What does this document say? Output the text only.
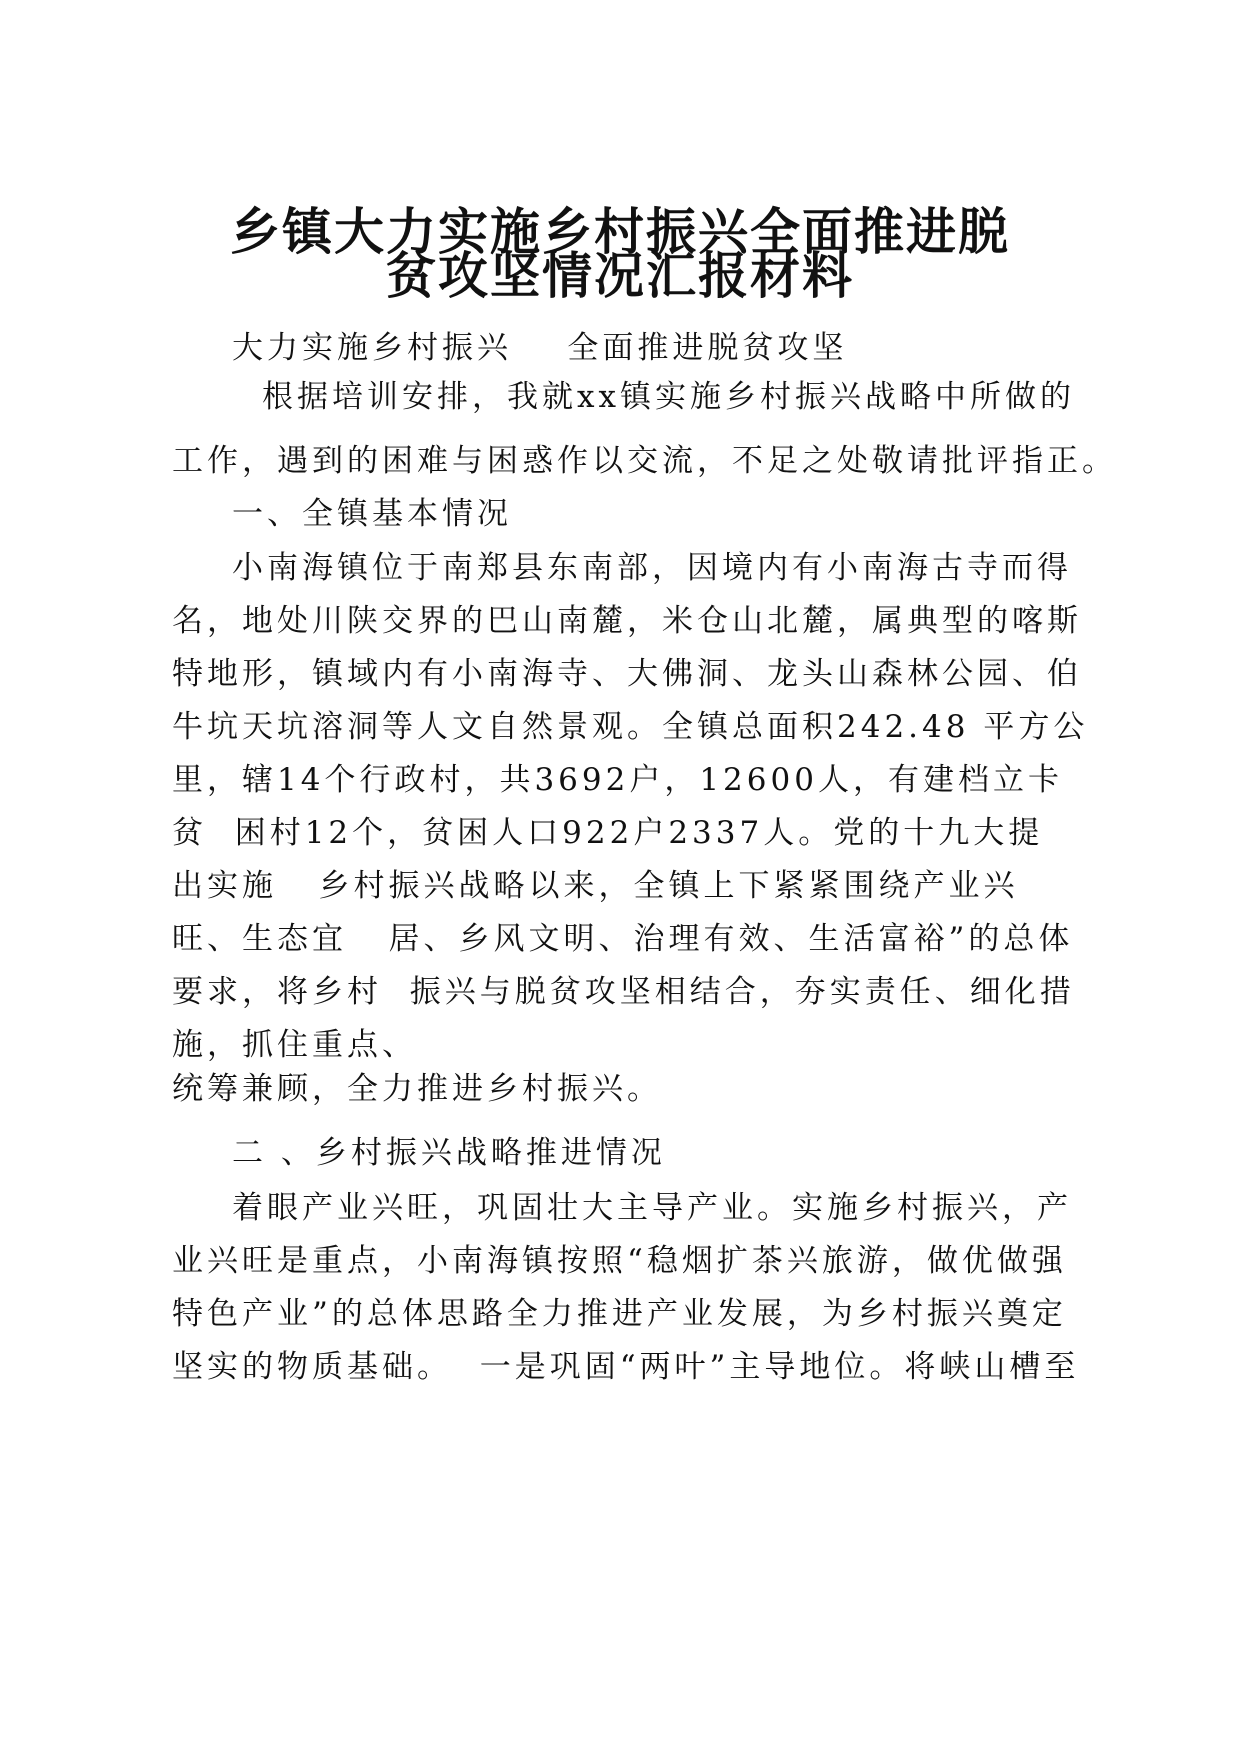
乡镇大力实施乡村振兴全面推进脱
贫攻坚情况汇报材料

大力实施乡村振兴    全面推进脱贫攻坚

根据培训安排，我就xx镇实施乡村振兴战略中所做的

工作，遇到的困难与困惑作以交流，不足之处敬请批评指正。

一、全镇基本情况

小南海镇位于南郑县东南部，因境内有小南海古寺而得

名，地处川陕交界的巴山南麓，米仓山北麓，属典型的喀斯

特地形，镇域内有小南海寺、大佛洞、龙头山森林公园、伯

牛坑天坑溶洞等人文自然景观。全镇总面积242.48 平方公

里，辖14个行政村，共3692户，12600人，有建档立卡

贫  困村12个，贫困人口922户2337人。党的十九大提

出实施   乡村振兴战略以来，全镇上下紧紧围绕产业兴

旺、生态宜   居、乡风文明、治理有效、生活富裕”的总体

要求，将乡村  振兴与脱贫攻坚相结合，夯实责任、细化措

施，抓住重点、

统筹兼顾，全力推进乡村振兴。

二 、乡村振兴战略推进情况

着眼产业兴旺，巩固壮大主导产业。实施乡村振兴，产

业兴旺是重点，小南海镇按照“稳烟扩茶兴旅游，做优做强

特色产业”的总体思路全力推进产业发展，为乡村振兴奠定

坚实的物质基础。  一是巩固“两叶”主导地位。将峡山槽至
